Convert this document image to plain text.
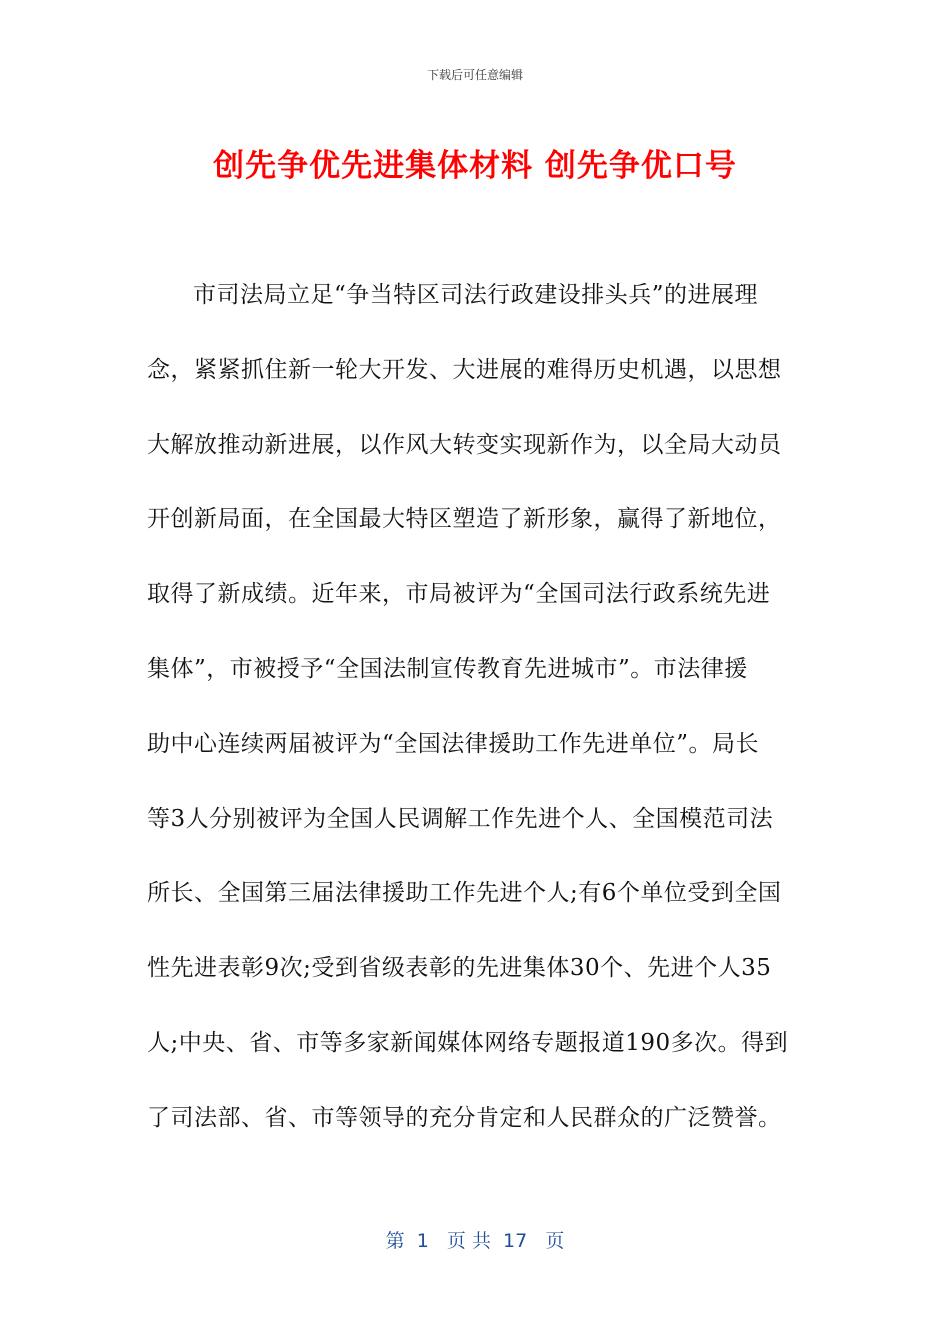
下载后可任意编辑
创先争优先进集体材料 创先争优口号
市司法局立足“争当特区司法行政建设排头兵”的进展理
念，紧紧抓住新一轮大开发、大进展的难得历史机遇，以思想
大解放推动新进展，以作风大转变实现新作为，以全局大动员
开创新局面，在全国最大特区塑造了新形象，赢得了新地位，
取得了新成绩。近年来，市局被评为“全国司法行政系统先进
集体”，市被授予“全国法制宣传教育先进城市”。市法律援
助中心连续两届被评为“全国法律援助工作先进单位”。局长
等3人分别被评为全国人民调解工作先进个人、全国模范司法
所长、全国第三届法律援助工作先进个人;有6个单位受到全国
性先进表彰9次;受到省级表彰的先进集体30个、先进个人35
人;中央、省、市等多家新闻媒体网络专题报道190多次。得到
了司法部、省、市等领导的充分肯定和人民群众的广泛赞誉。
第  1   页 共  17   页
